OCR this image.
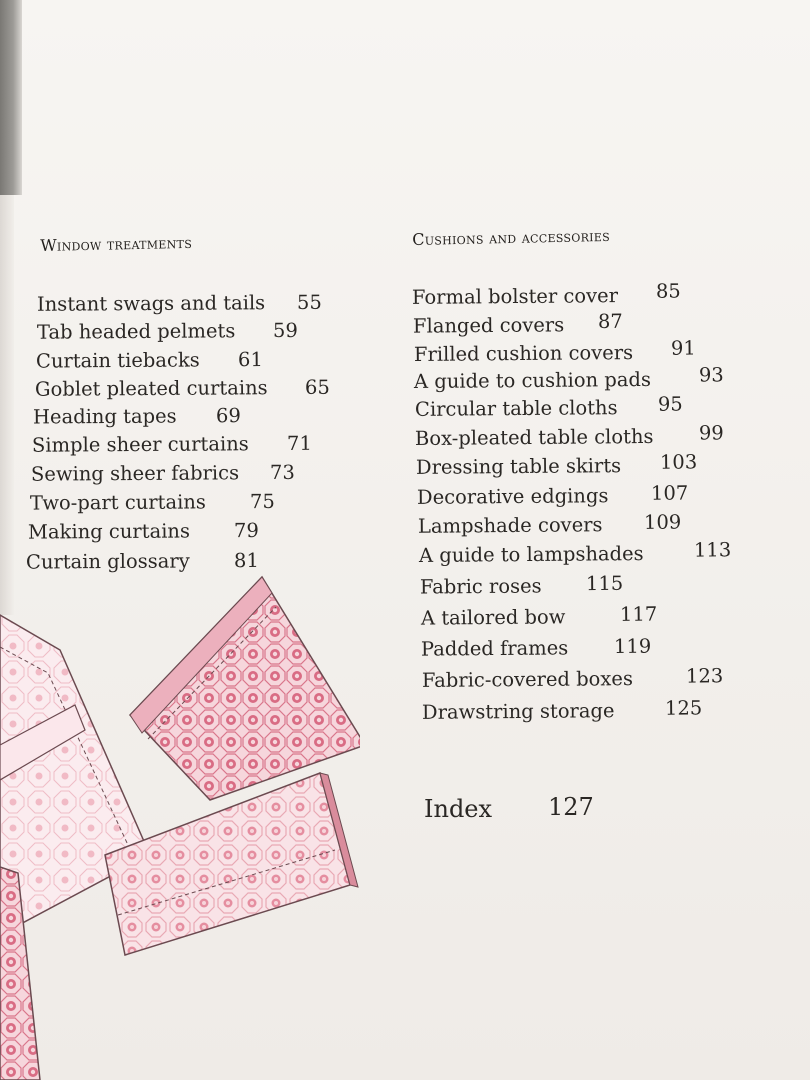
Window treatments	cushions and accessories
Instant swags and tails 55
Tab headed pelmets 59
Curtain tiebacks 61
Goblet pleated curtains 65
Heading tapes 69
Simple sheer curtains 71
Sewing sheer fabrics 73
Two-part curtains 75
Making curtains 79
Curtain glossary 81
Formal bolster cover 85
Flanged covers 87
Frilled cushion covers 91
A guide to cushion pads 93
Circular table cloths 95
Box-pleated table cloths 99
Dressing table skirts 103
Decorative edgings 107
Lampshade covers 109
A guide to lampshades	113
Fabric roses 115
A tailored bow	117
Padded frames 119
Fabric-covered boxes	123
Drawstring storage	125
Index 127
